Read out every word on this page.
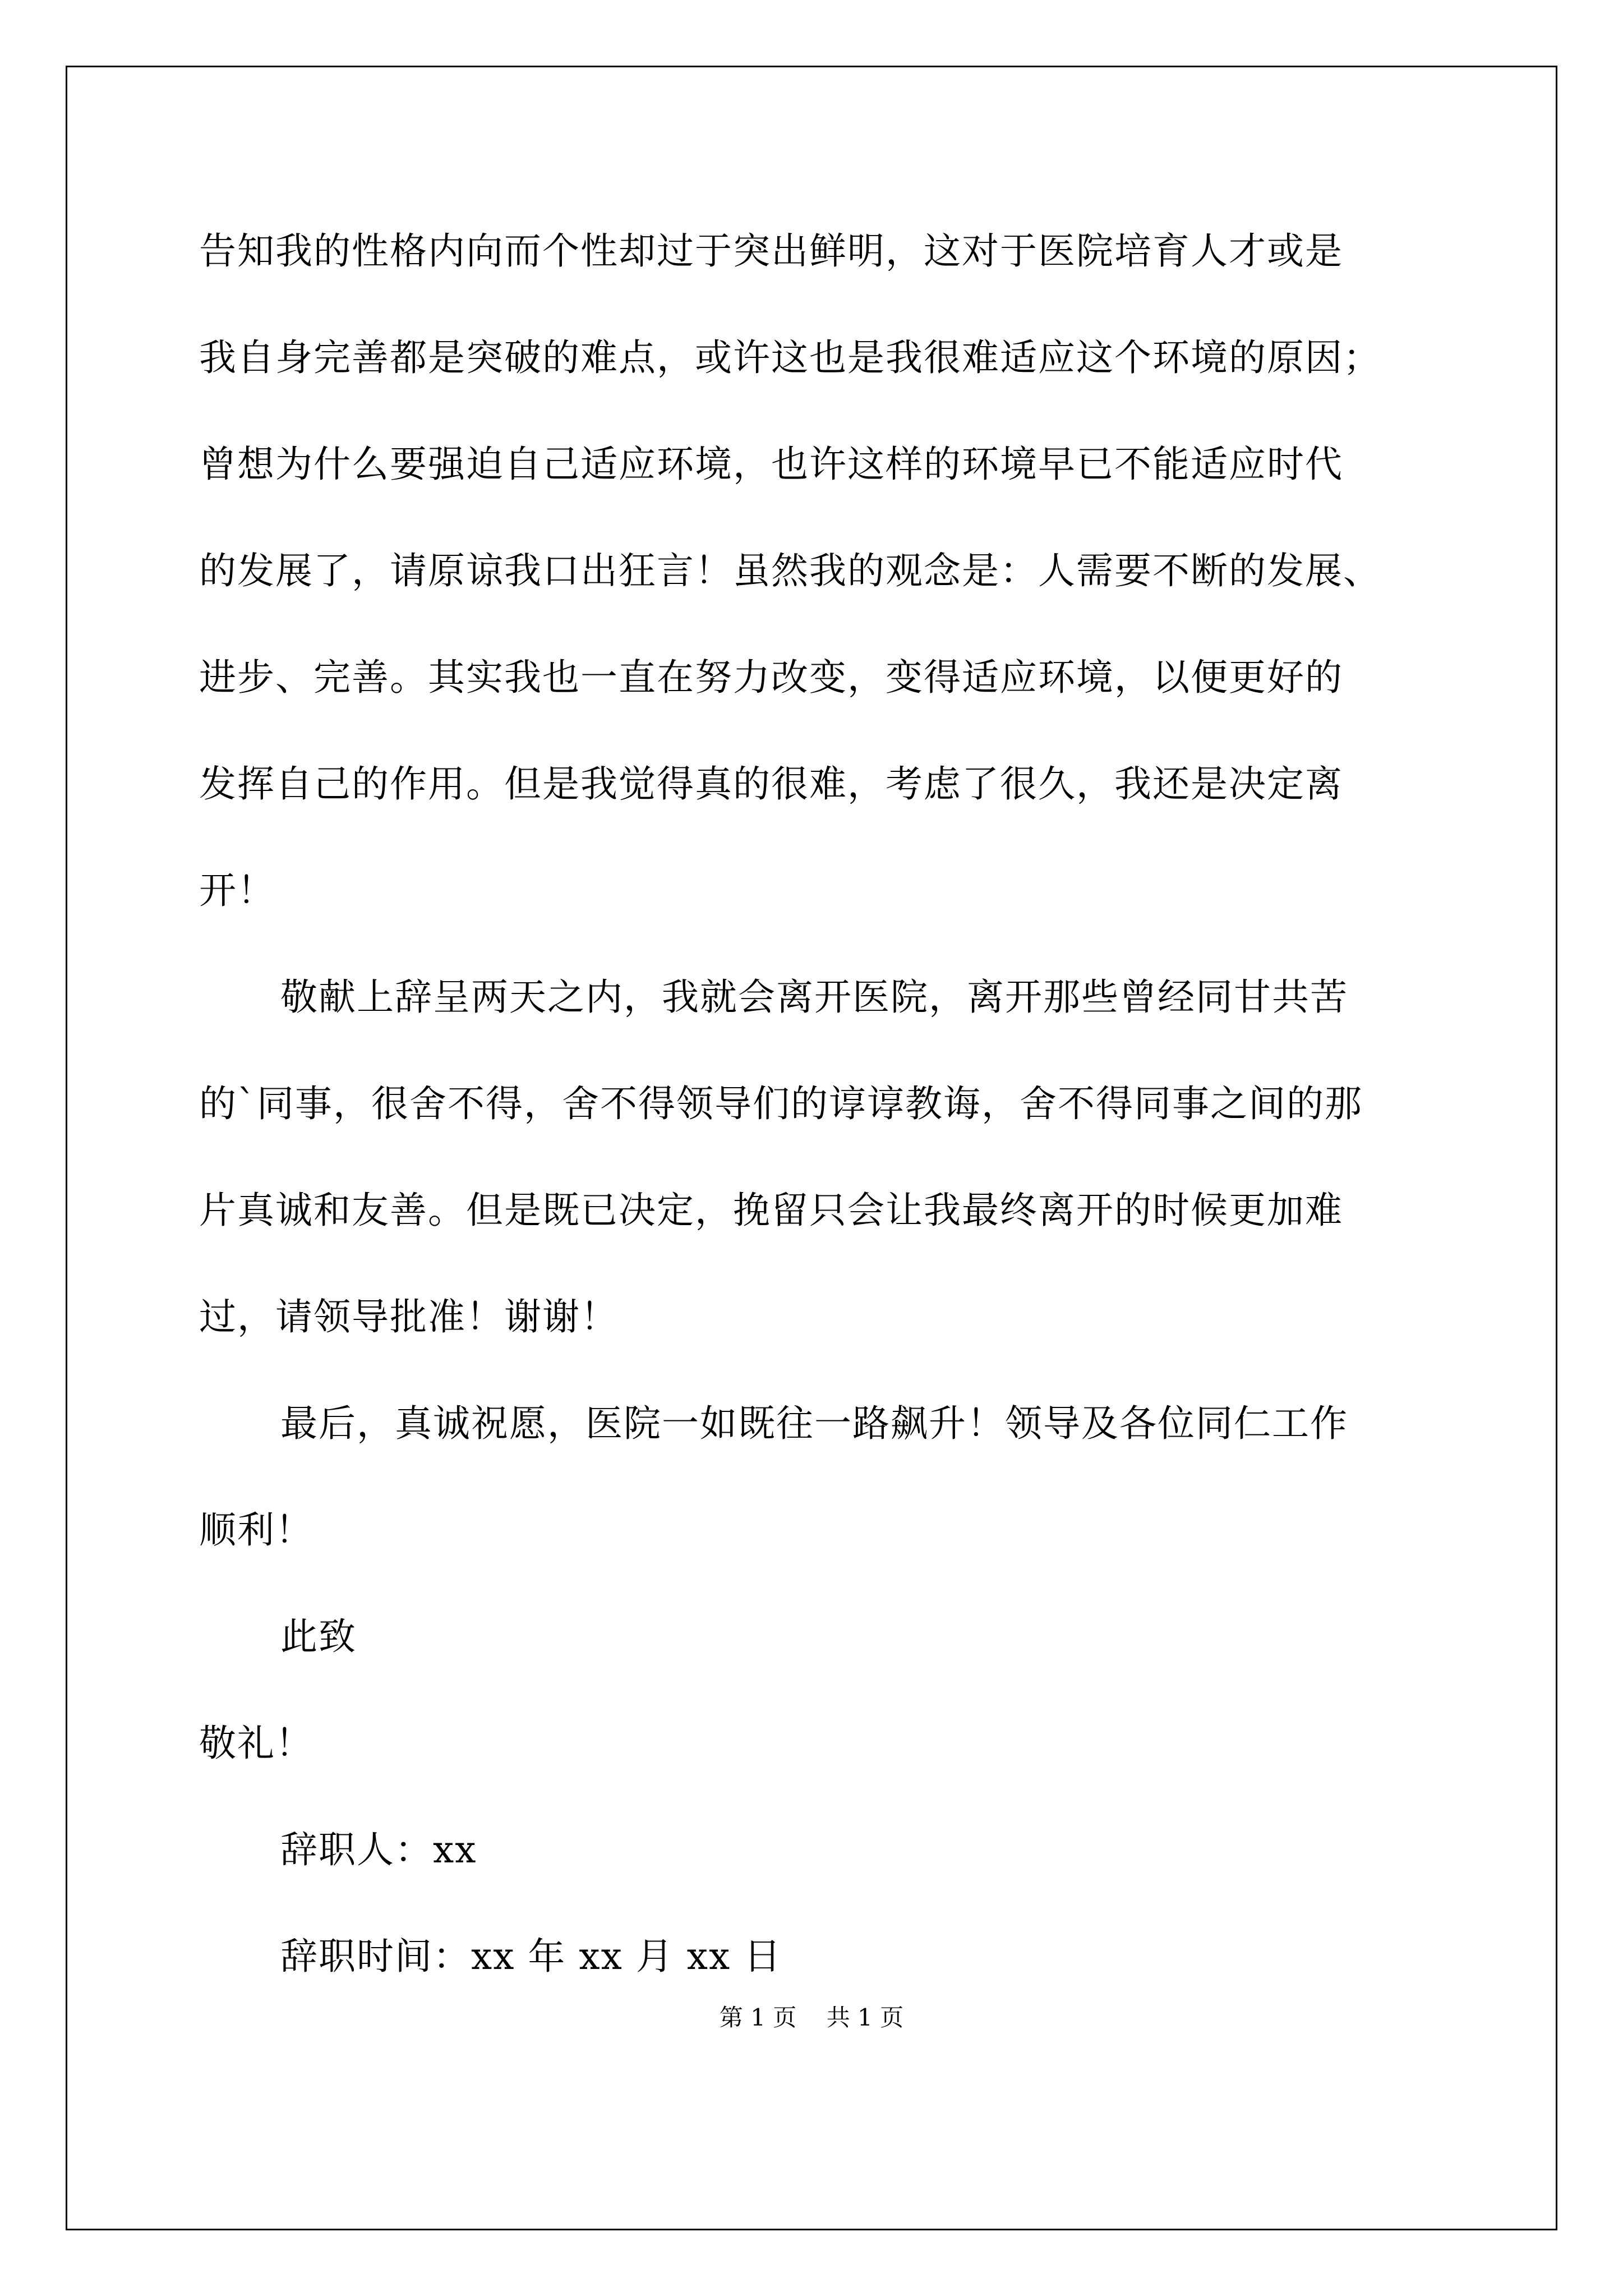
告知我的性格内向而个性却过于突出鲜明，这对于医院培育人才或是
我自身完善都是突破的难点，或许这也是我很难适应这个环境的原因；
曾想为什么要强迫自己适应环境，也许这样的环境早已不能适应时代
的发展了，请原谅我口出狂言！虽然我的观念是：人需要不断的发展、
进步、完善。其实我也一直在努力改变，变得适应环境，以便更好的
发挥自己的作用。但是我觉得真的很难，考虑了很久，我还是决定离
开！
敬献上辞呈两天之内，我就会离开医院，离开那些曾经同甘共苦
的`同事，很舍不得，舍不得领导们的谆谆教诲，舍不得同事之间的那
片真诚和友善。但是既已决定，挽留只会让我最终离开的时候更加难
过，请领导批准！谢谢！
最后，真诚祝愿，医院一如既往一路飙升！领导及各位同仁工作
顺利！
此致
敬礼！
辞职人：xx
辞职时间：xx 年 xx 月 xx 日
第 1 页 共 1 页
